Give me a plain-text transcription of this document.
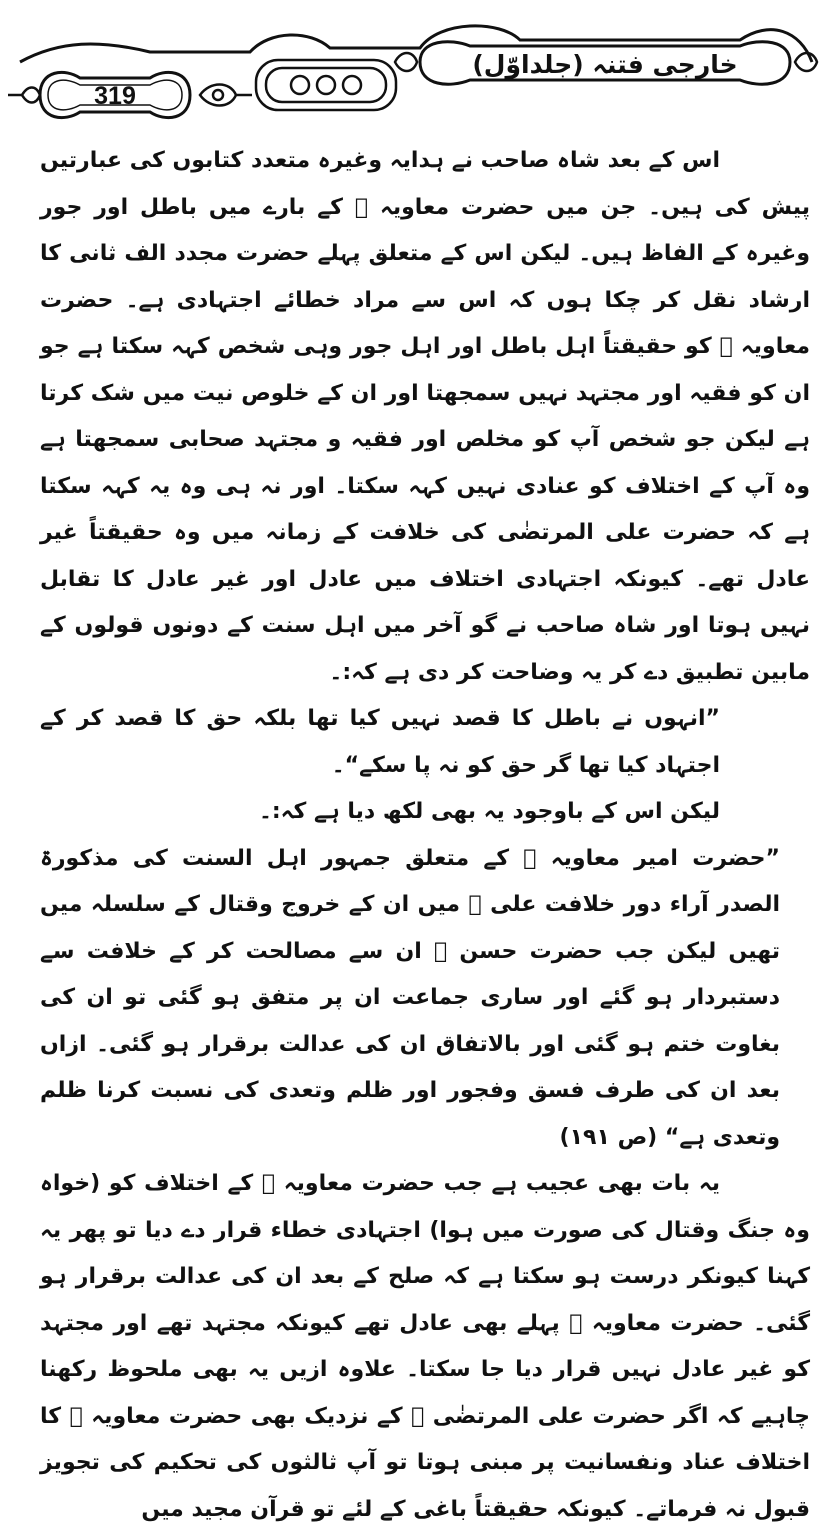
319
خارجی فتنہ (جلداوّل)

اس کے بعد شاہ صاحب نے ہدایہ وغیرہ متعدد کتابوں کی عبارتیں پیش کی ہیں۔ جن میں حضرت معاویہ ﷛ کے بارے میں باطل اور جور وغیرہ کے الفاظ ہیں۔ لیکن اس کے متعلق پہلے حضرت مجدد الف ثانی کا ارشاد نقل کر چکا ہوں کہ اس سے مراد خطائے اجتہادی ہے۔ حضرت معاویہ ﷛ کو حقیقتاً اہل باطل اور اہل جور وہی شخص کہہ سکتا ہے جو ان کو فقیہ اور مجتہد نہیں سمجھتا اور ان کے خلوص نیت میں شک کرتا ہے لیکن جو شخص آپ کو مخلص اور فقیہ و مجتہد صحابی سمجھتا ہے وہ آپ کے اختلاف کو عنادی نہیں کہہ سکتا۔ اور نہ ہی وہ یہ کہہ سکتا ہے کہ حضرت علی المرتضٰی کی خلافت کے زمانہ میں وہ حقیقتاً غیر عادل تھے۔ کیونکہ اجتہادی اختلاف میں عادل اور غیر عادل کا تقابل نہیں ہوتا اور شاہ صاحب نے گو آخر میں اہل سنت کے دونوں قولوں کے مابین تطبیق دے کر یہ وضاحت کر دی ہے کہ:۔

”انہوں نے باطل کا قصد نہیں کیا تھا بلکہ حق کا قصد کر کے اجتہاد کیا تھا گر حق کو نہ پا سکے“۔

لیکن اس کے باوجود یہ بھی لکھ دیا ہے کہ:۔

”حضرت امیر معاویہ ﷛ کے متعلق جمہور اہل السنت کی مذکورۃ الصدر آراء دور خلافت علی ﷛ میں ان کے خروج وقتال کے سلسلہ میں تھیں لیکن جب حضرت حسن ﷛ ان سے مصالحت کر کے خلافت سے دستبردار ہو گئے اور ساری جماعت ان پر متفق ہو گئی تو ان کی بغاوت ختم ہو گئی اور بالاتفاق ان کی عدالت برقرار ہو گئی۔ ازاں بعد ان کی طرف فسق وفجور اور ظلم وتعدی کی نسبت کرنا ظلم وتعدی ہے“ (ص ۱۹۱)

یہ بات بھی عجیب ہے جب حضرت معاویہ ﷛ کے اختلاف کو (خواہ وہ جنگ وقتال کی صورت میں ہوا) اجتہادی خطاء قرار دے دیا تو پھر یہ کہنا کیونکر درست ہو سکتا ہے کہ صلح کے بعد ان کی عدالت برقرار ہو گئی۔ حضرت معاویہ ﷛ پہلے بھی عادل تھے کیونکہ مجتہد تھے اور مجتہد کو غیر عادل نہیں قرار دیا جا سکتا۔ علاوہ ازیں یہ بھی ملحوظ رکھنا چاہیے کہ اگر حضرت علی المرتضٰی ﷛ کے نزدیک بھی حضرت معاویہ ﷛ کا اختلاف عناد ونفسانیت پر مبنی ہوتا تو آپ ثالثوں کی تحکیم کی تجویز قبول نہ فرماتے۔ کیونکہ حقیقتاً باغی کے لئے تو قرآن مجید میں
